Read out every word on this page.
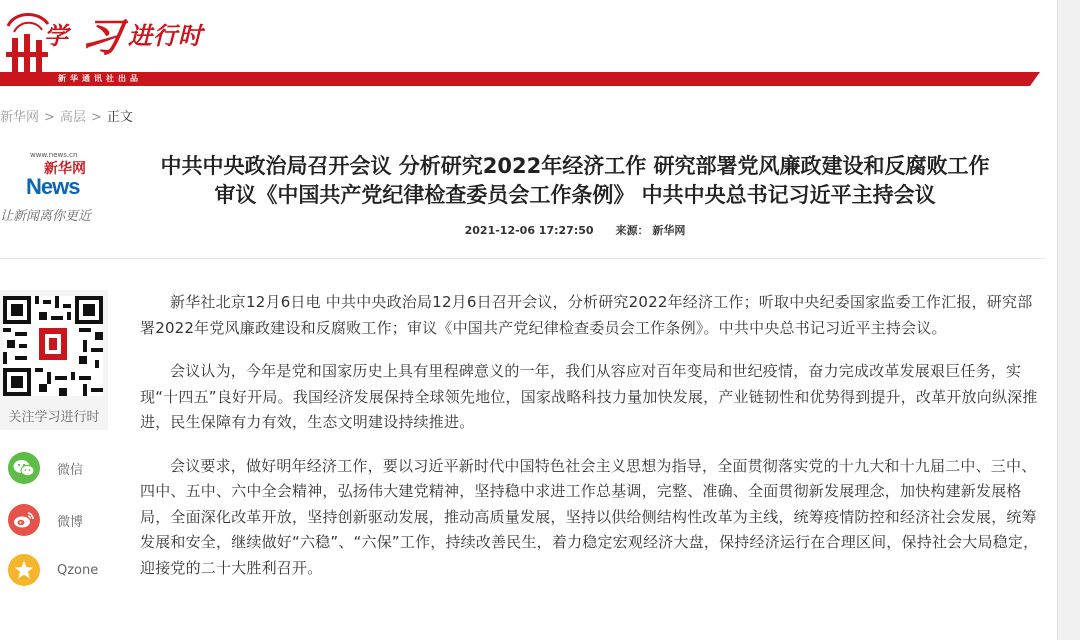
学 习 进行时
新华通讯社出品
新华网 > 高层 > 正文
www.news.cn
新华网
News
让新闻离你更近
中共中央政治局召开会议 分析研究2022年经济工作 研究部署党风廉政建设和反腐败工作
审议《中国共产党纪律检查委员会工作条例》 中共中央总书记习近平主持会议
2021-12-06 17:27:50 来源： 新华网
关注学习进行时
微信
微博
Qzone

新华社北京12月6日电 中共中央政治局12月6日召开会议，分析研究2022年经济工作；听取中央纪委国家监委工作汇报，研究部署2022年党风廉政建设和反腐败工作；审议《中国共产党纪律检查委员会工作条例》。中共中央总书记习近平主持会议。

会议认为，今年是党和国家历史上具有里程碑意义的一年，我们从容应对百年变局和世纪疫情，奋力完成改革发展艰巨任务，实现“十四五”良好开局。我国经济发展保持全球领先地位，国家战略科技力量加快发展，产业链韧性和优势得到提升，改革开放向纵深推进，民生保障有力有效，生态文明建设持续推进。

会议要求，做好明年经济工作，要以习近平新时代中国特色社会主义思想为指导，全面贯彻落实党的十九大和十九届二中、三中、四中、五中、六中全会精神，弘扬伟大建党精神，坚持稳中求进工作总基调，完整、准确、全面贯彻新发展理念，加快构建新发展格局，全面深化改革开放，坚持创新驱动发展，推动高质量发展，坚持以供给侧结构性改革为主线，统筹疫情防控和经济社会发展，统筹发展和安全，继续做好“六稳”、“六保”工作，持续改善民生，着力稳定宏观经济大盘，保持经济运行在合理区间，保持社会大局稳定，迎接党的二十大胜利召开。
